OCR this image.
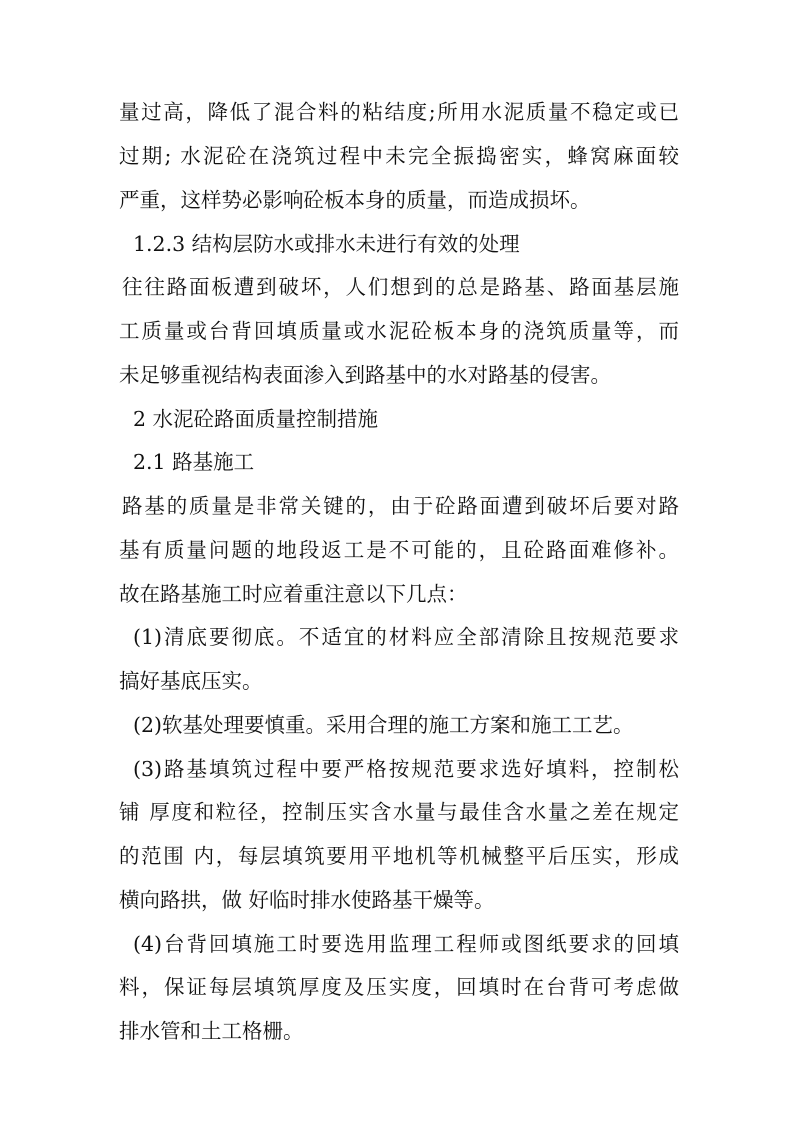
量过高，降低了混合料的粘结度;所用水泥质量不稳定或已
过期; 水泥砼在浇筑过程中未完全振捣密实，蜂窝麻面较
严重，这样势必影响砼板本身的质量，而造成损坏。
1.2.3 结构层防水或排水未进行有效的处理
往往路面板遭到破坏，人们想到的总是路基、路面基层施
工质量或台背回填质量或水泥砼板本身的浇筑质量等，而
未足够重视结构表面渗入到路基中的水对路基的侵害。
2 水泥砼路面质量控制措施
2.1 路基施工
路基的质量是非常关键的，由于砼路面遭到破坏后要对路
基有质量问题的地段返工是不可能的，且砼路面难修补。
故在路基施工时应着重注意以下几点：
(1)清底要彻底。不适宜的材料应全部清除且按规范要求
搞好基底压实。
(2)软基处理要慎重。采用合理的施工方案和施工工艺。
(3)路基填筑过程中要严格按规范要求选好填料，控制松
铺 厚度和粒径，控制压实含水量与最佳含水量之差在规定
的范围 内，每层填筑要用平地机等机械整平后压实，形成
横向路拱，做 好临时排水使路基干燥等。
(4)台背回填施工时要选用监理工程师或图纸要求的回填
料，保证每层填筑厚度及压实度，回填时在台背可考虑做
排水管和土工格栅。
